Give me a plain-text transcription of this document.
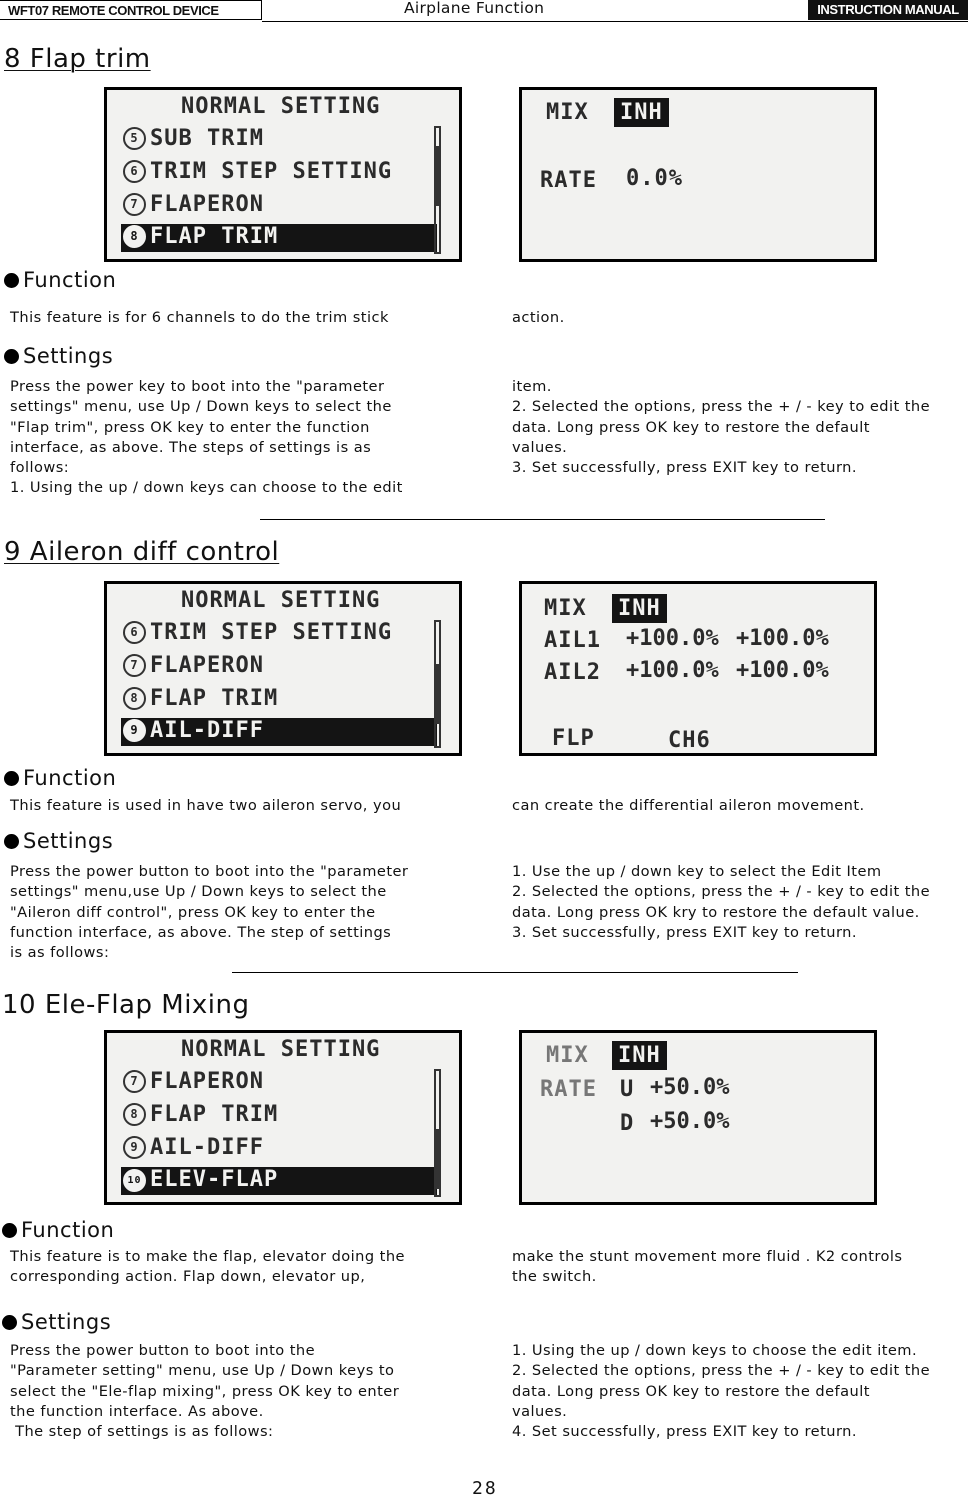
WFT07 REMOTE CONTROL DEVICE	Airplane Function	INSTRUCTION MANUAL
8 Flap trim
NORMAL SETTING
5 SUB TRIM
6 TRIM STEP SETTING
7 FLAPERON
8 FLAP TRIM
MIX INH
RATE 0.0%
Function
This feature is for 6 channels to do the trim stick	action.
Settings
Press the power key to boot into the "parameter
settings" menu, use Up / Down keys to select the
"Flap trim", press OK key to enter the function
interface, as above. The steps of settings is as
follows:
1. Using the up / down keys can choose to the edit
item.
2. Selected the options, press the + / - key to edit the
data. Long press OK key to restore the default
values.
3. Set successfully, press EXIT key to return.
9 Aileron diff control
NORMAL SETTING
6 TRIM STEP SETTING
7 FLAPERON
8 FLAP TRIM
9 AIL-DIFF
MIX INH
AIL1 +100.0% +100.0%
AIL2 +100.0% +100.0%
FLP	CH6
Function
This feature is used in have two aileron servo, you	can create the differential aileron movement.
Settings
Press the power button to boot into the "parameter
settings" menu,use Up / Down keys to select the
"Aileron diff control", press OK key to enter the
function interface, as above. The step of settings
is as follows:
1. Use the up / down key to select the Edit Item
2. Selected the options, press the + / - key to edit the
data. Long press OK kry to restore the default value.
3. Set successfully, press EXIT key to return.
10 Ele-Flap Mixing
NORMAL SETTING
7 FLAPERON
8 FLAP TRIM
9 AIL-DIFF
10 ELEV-FLAP
MIX INH
RATE U +50.0%
D +50.0%
Function
This feature is to make the flap, elevator doing the
corresponding action. Flap down, elevator up,
make the stunt movement more fluid . K2 controls
the switch.
Settings
Press the power button to boot into the
"Parameter setting" menu, use Up / Down keys to
select the "Ele-flap mixing", press OK key to enter
the function interface. As above.
The step of settings is as follows:
1. Using the up / down keys to choose the edit item.
2. Selected the options, press the + / - key to edit the
data. Long press OK key to restore the default
values.
4. Set successfully, press EXIT key to return.
28
